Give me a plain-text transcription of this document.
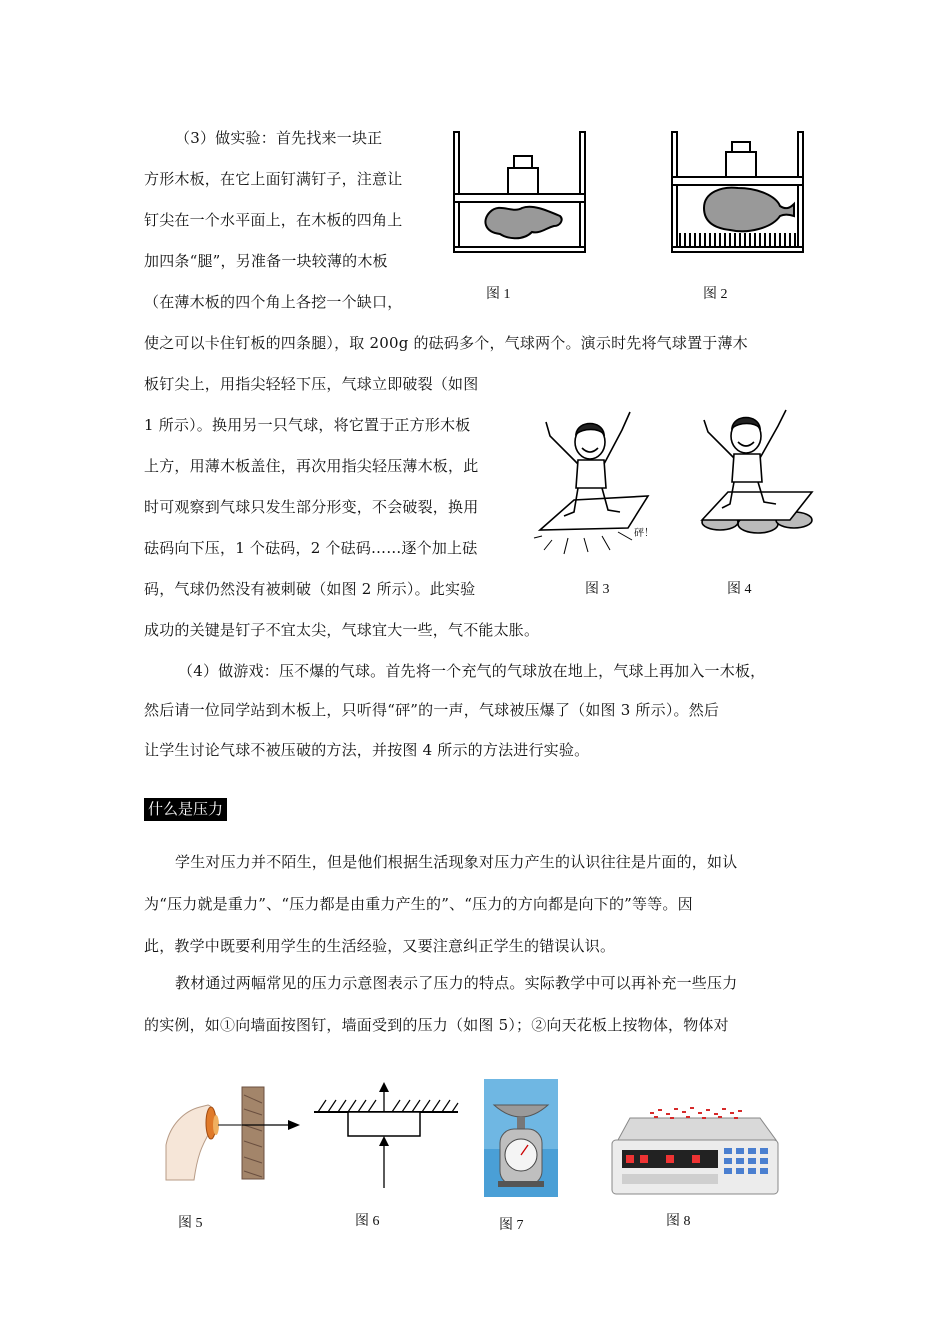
（3）做实验：首先找来一块正
方形木板，在它上面钉满钉子，注意让
钉尖在一个水平面上，在木板的四角上
加四条“腿”，另准备一块较薄的木板
（在薄木板的四个角上各挖一个缺口，
使之可以卡住钉板的四条腿），取 200g 的砝码多个，气球两个。演示时先将气球置于薄木
板钉尖上，用指尖轻轻下压，气球立即破裂（如图
1 所示）。换用另一只气球，将它置于正方形木板
上方，用薄木板盖住，再次用指尖轻压薄木板，此
时可观察到气球只发生部分形变，不会破裂，换用
砝码向下压，1 个砝码，2 个砝码……逐个加上砝
码，气球仍然没有被刺破（如图 2 所示）。此实验
成功的关键是钉子不宜太尖，气球宜大一些，气不能太胀。
（4）做游戏：压不爆的气球。首先将一个充气的气球放在地上，气球上再加入一木板，
然后请一位同学站到木板上，只听得“砰”的一声，气球被压爆了（如图 3 所示）。然后
让学生讨论气球不被压破的方法，并按图 4 所示的方法进行实验。
什么是压力
学生对压力并不陌生，但是他们根据生活现象对压力产生的认识往往是片面的，如认
为“压力就是重力”、“压力都是由重力产生的”、“压力的方向都是向下的”等等。因
此，教学中既要利用学生的生活经验，又要注意纠正学生的错误认识。
教材通过两幅常见的压力示意图表示了压力的特点。实际教学中可以再补充一些压力
的实例，如①向墙面按图钉，墙面受到的压力（如图 5）；②向天花板上按物体，物体对
图 1	图 2
砰！
图 3	图 4
图 5	图 6	图 7	图 8
